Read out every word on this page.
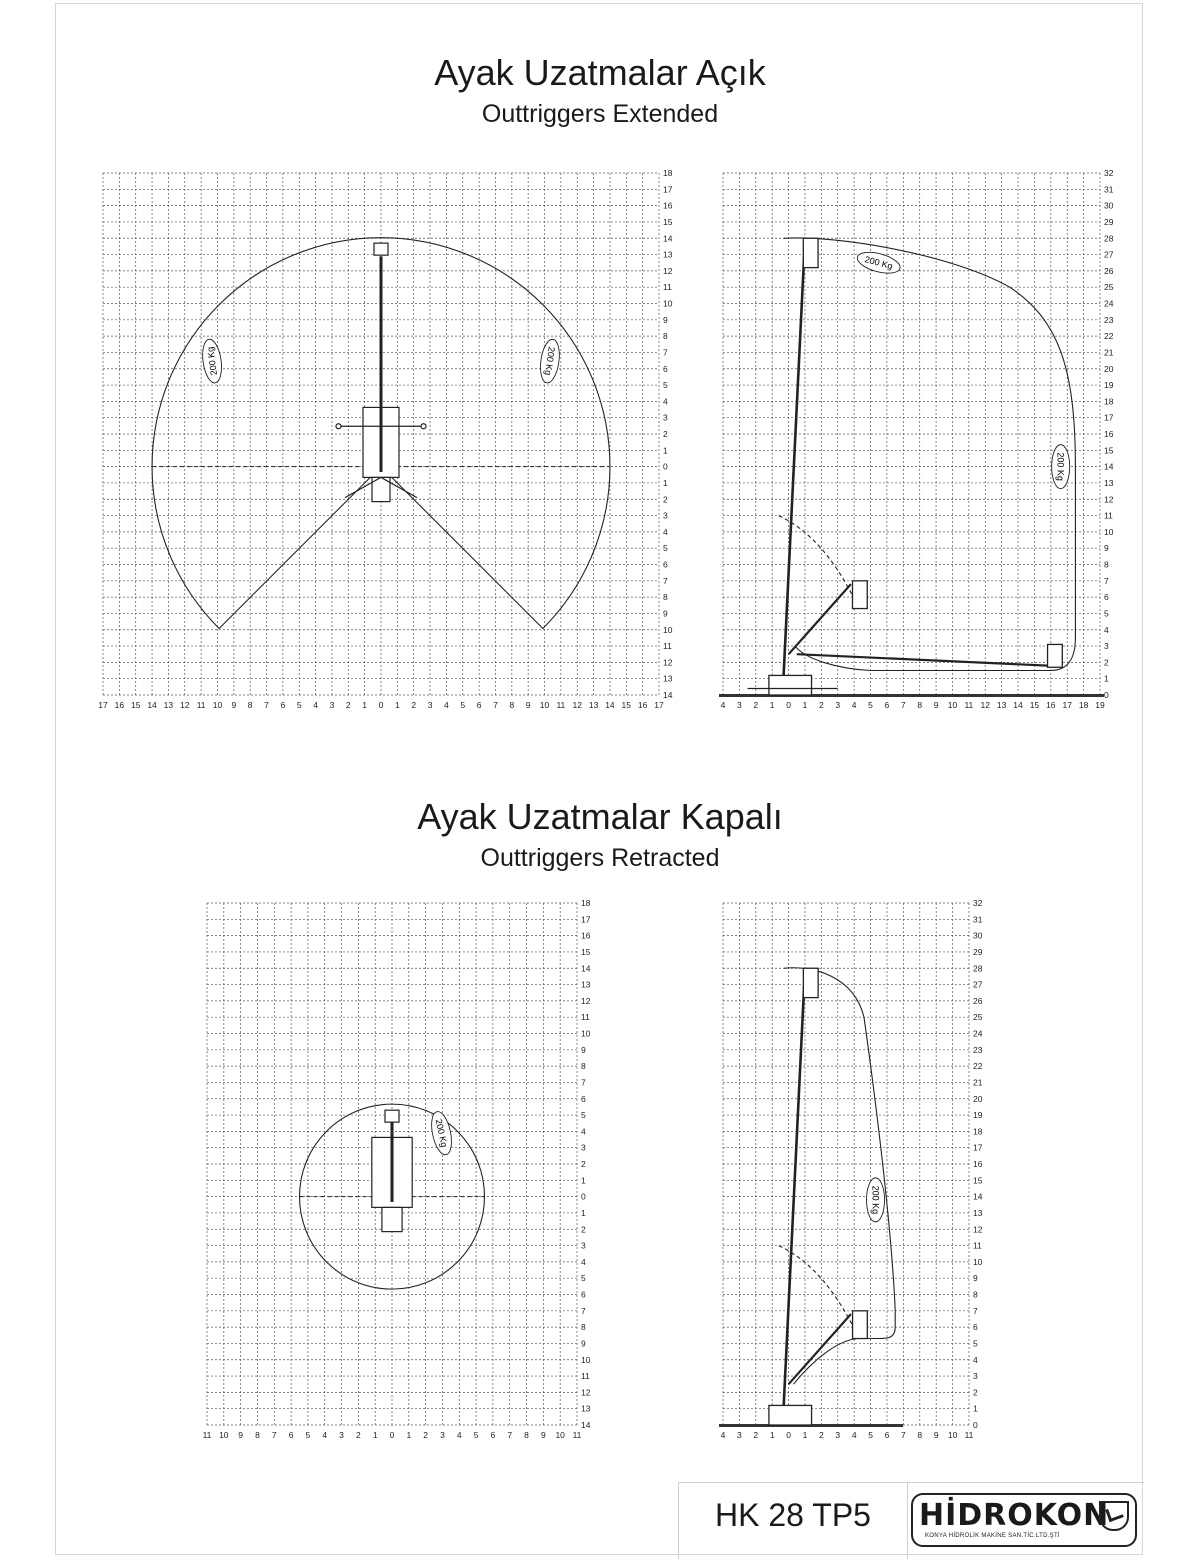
Ayak Uzatmalar Açık
Outtriggers Extended
Ayak Uzatmalar Kapalı
Outtriggers Retracted
17 16 15 14 13 12 11 10 9 8 7 6 5 4 3 2 1 0 1 2 3 4 5 6 7 8 9 10 11 12 13 14 15 16 17
14
13
12
11
10
9
8
7
6
5
4
3
2
1
0
1
2
3
4
5
6
7
8
9
10
11
12
13
14
15
16
17
18
200 Kg	200 Kg
4 3 2 1 0 1 2 3 4 5 6 7 8 9 10 11 12 13 14 15 16 17 18 19
0
1
2
3
4
5
6
7
8
9
10
11
12
13
14
15
16
17
18
19
20
21
22
23
24
25
26
27
28
29
30
31
32
200 Kg
200 Kg
11 10 9 8 7 6 5 4 3 2 1 0 1 2 3 4 5 6 7 8 9 10 11
14
13
12
11
10
9
8
7
6
5
4
3
2
1
0
1
2
3
4
5
6
7
8
9
10
11
12
13
14
15
16
17
18
200 Kg
4 3 2 1 0 1 2 3 4 5 6 7 8 9 10 11
0
1
2
3
4
5
6
7
8
9
10
11
12
13
14
15
16
17
18
19
20
21
22
23
24
25
26
27
28
29
30
31
32
200 Kg
HK 28 TP5	HİDROKON
KONYA HİDROLİK MAKİNE SAN.TİC.LTD.ŞTİ
